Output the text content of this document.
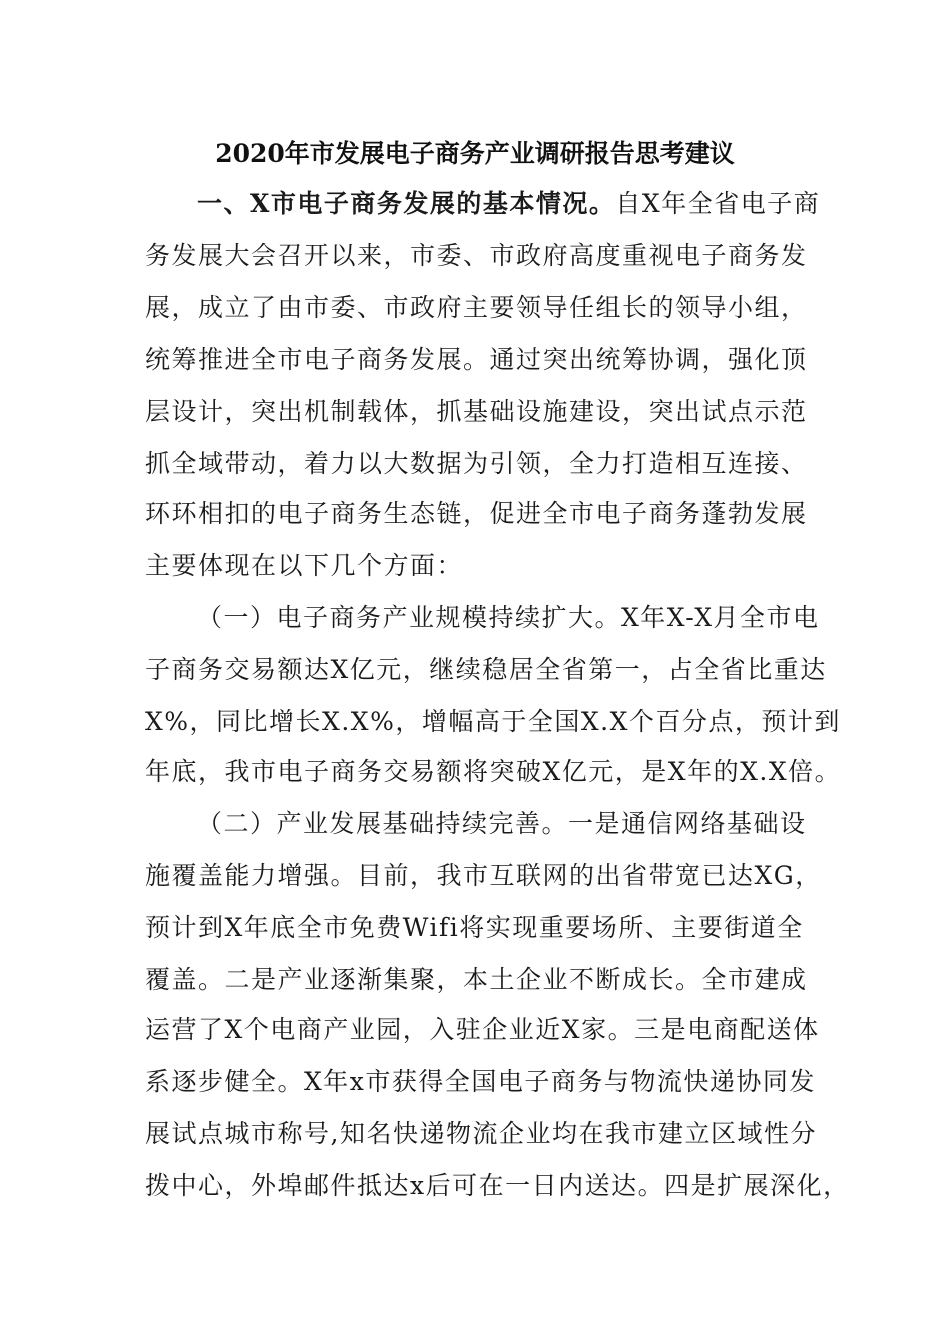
2020年市发展电子商务产业调研报告思考建议

一、X市电子商务发展的基本情况。自X年全省电子商

务发展大会召开以来，市委、市政府高度重视电子商务发

展，成立了由市委、市政府主要领导任组长的领导小组，

统筹推进全市电子商务发展。通过突出统筹协调，强化顶

层设计，突出机制载体，抓基础设施建设，突出试点示范

抓全域带动，着力以大数据为引领，全力打造相互连接、

环环相扣的电子商务生态链，促进全市电子商务蓬勃发展

主要体现在以下几个方面：

（一）电子商务产业规模持续扩大。X年X-X月全市电

子商务交易额达X亿元，继续稳居全省第一，占全省比重达

X%，同比增长X.X%，增幅高于全国X.X个百分点，预计到

年底，我市电子商务交易额将突破X亿元，是X年的X.X倍。

（二）产业发展基础持续完善。一是通信网络基础设

施覆盖能力增强。目前，我市互联网的出省带宽已达XG，

预计到X年底全市免费Wifi将实现重要场所、主要街道全

覆盖。二是产业逐渐集聚，本土企业不断成长。全市建成

运营了X个电商产业园，入驻企业近X家。三是电商配送体

系逐步健全。X年x市获得全国电子商务与物流快递协同发

展试点城市称号,知名快递物流企业均在我市建立区域性分

拨中心，外埠邮件抵达x后可在一日内送达。四是扩展深化，
